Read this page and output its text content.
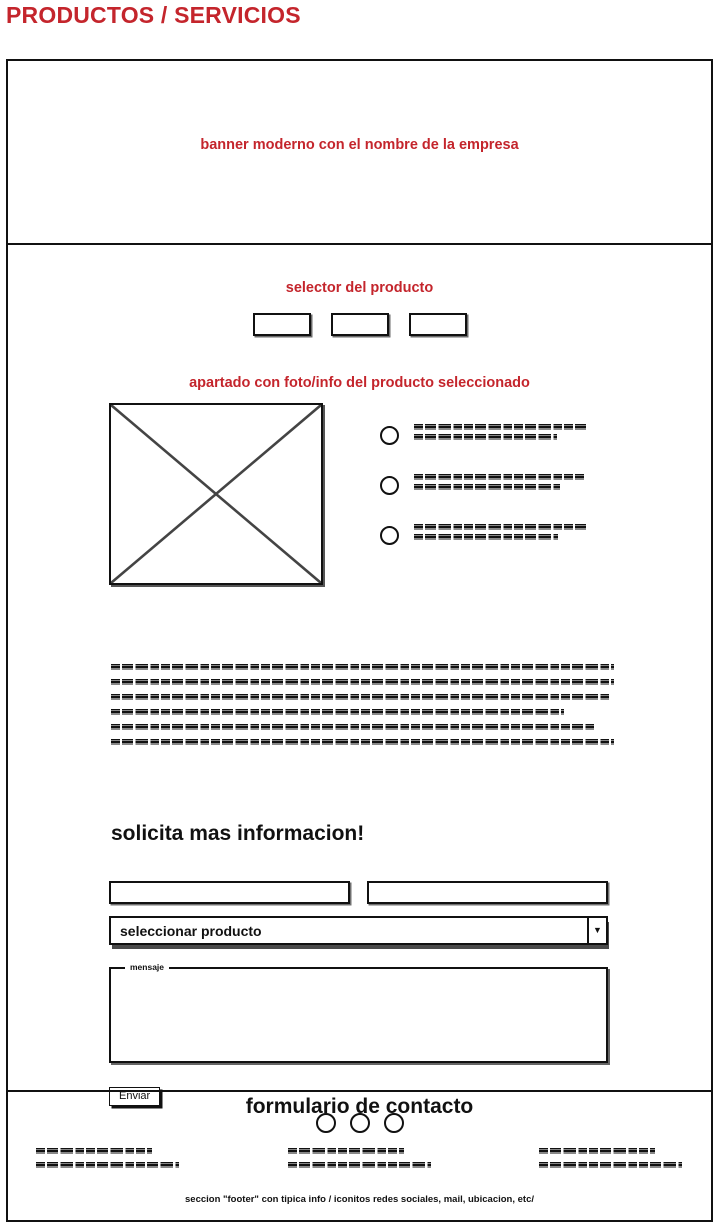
PRODUCTOS / SERVICIOS
banner moderno con el nombre de la empresa
selector del producto
apartado con foto/info del producto seleccionado
solicita mas informacion!
seleccionar producto	▼
mensaje
Enviar	formulario de contacto
seccion "footer" con tipica info / iconitos redes sociales, mail, ubicacion, etc/
